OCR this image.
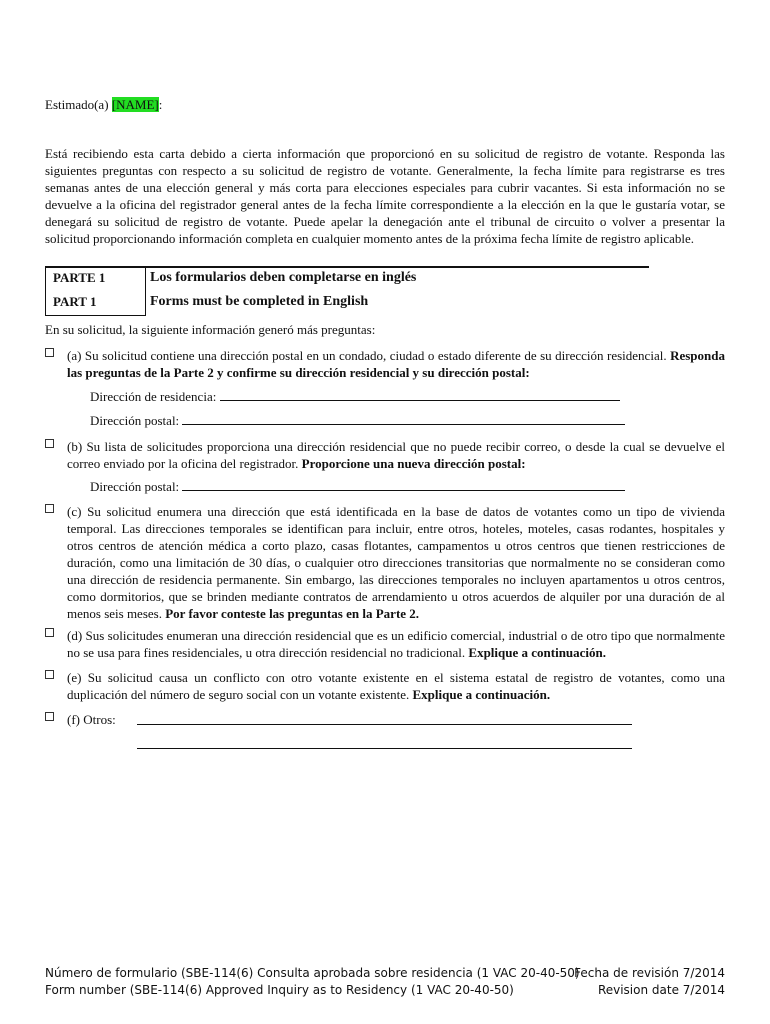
Estimado(a) [NAME]:
Está recibiendo esta carta debido a cierta información que proporcionó en su solicitud de registro de votante. Responda las siguientes preguntas con respecto a su solicitud de registro de votante. Generalmente, la fecha límite para registrarse es tres semanas antes de una elección general y más corta para elecciones especiales para cubrir vacantes. Si esta información no se devuelve a la oficina del registrador general antes de la fecha límite correspondiente a la elección en la que le gustaría votar, se denegará su solicitud de registro de votante. Puede apelar la denegación ante el tribunal de circuito o volver a presentar la solicitud proporcionando información completa en cualquier momento antes de la próxima fecha límite de registro aplicable.
PARTE 1
PART 1
Los formularios deben completarse en inglés
Forms must be completed in English
En su solicitud, la siguiente información generó más preguntas:
(a) Su solicitud contiene una dirección postal en un condado, ciudad o estado diferente de su dirección residencial. Responda las preguntas de la Parte 2 y confirme su dirección residencial y su dirección postal:
Dirección de residencia:
Dirección postal:
(b) Su lista de solicitudes proporciona una dirección residencial que no puede recibir correo, o desde la cual se devuelve el correo enviado por la oficina del registrador. Proporcione una nueva dirección postal:
Dirección postal:
(c) Su solicitud enumera una dirección que está identificada en la base de datos de votantes como un tipo de vivienda temporal. Las direcciones temporales se identifican para incluir, entre otros, hoteles, moteles, casas rodantes, hospitales y otros centros de atención médica a corto plazo, casas flotantes, campamentos u otros centros que tienen restricciones de duración, como una limitación de 30 días, o cualquier otro direcciones transitorias que normalmente no se consideran como una dirección de residencia permanente. Sin embargo, las direcciones temporales no incluyen apartamentos u otros centros, como dormitorios, que se brinden mediante contratos de arrendamiento u otros acuerdos de alquiler por una duración de al menos seis meses. Por favor conteste las preguntas en la Parte 2.
(d) Sus solicitudes enumeran una dirección residencial que es un edificio comercial, industrial o de otro tipo que normalmente no se usa para fines residenciales, u otra dirección residencial no tradicional. Explique a continuación.
(e) Su solicitud causa un conflicto con otro votante existente en el sistema estatal de registro de votantes, como una duplicación del número de seguro social con un votante existente. Explique a continuación.
(f) Otros:
Número de formulario (SBE-114(6) Consulta aprobada sobre residencia (1 VAC 20-40-50)
Form number (SBE-114(6) Approved Inquiry as to Residency (1 VAC 20-40-50)
Fecha de revisión 7/2014
Revision date 7/2014
